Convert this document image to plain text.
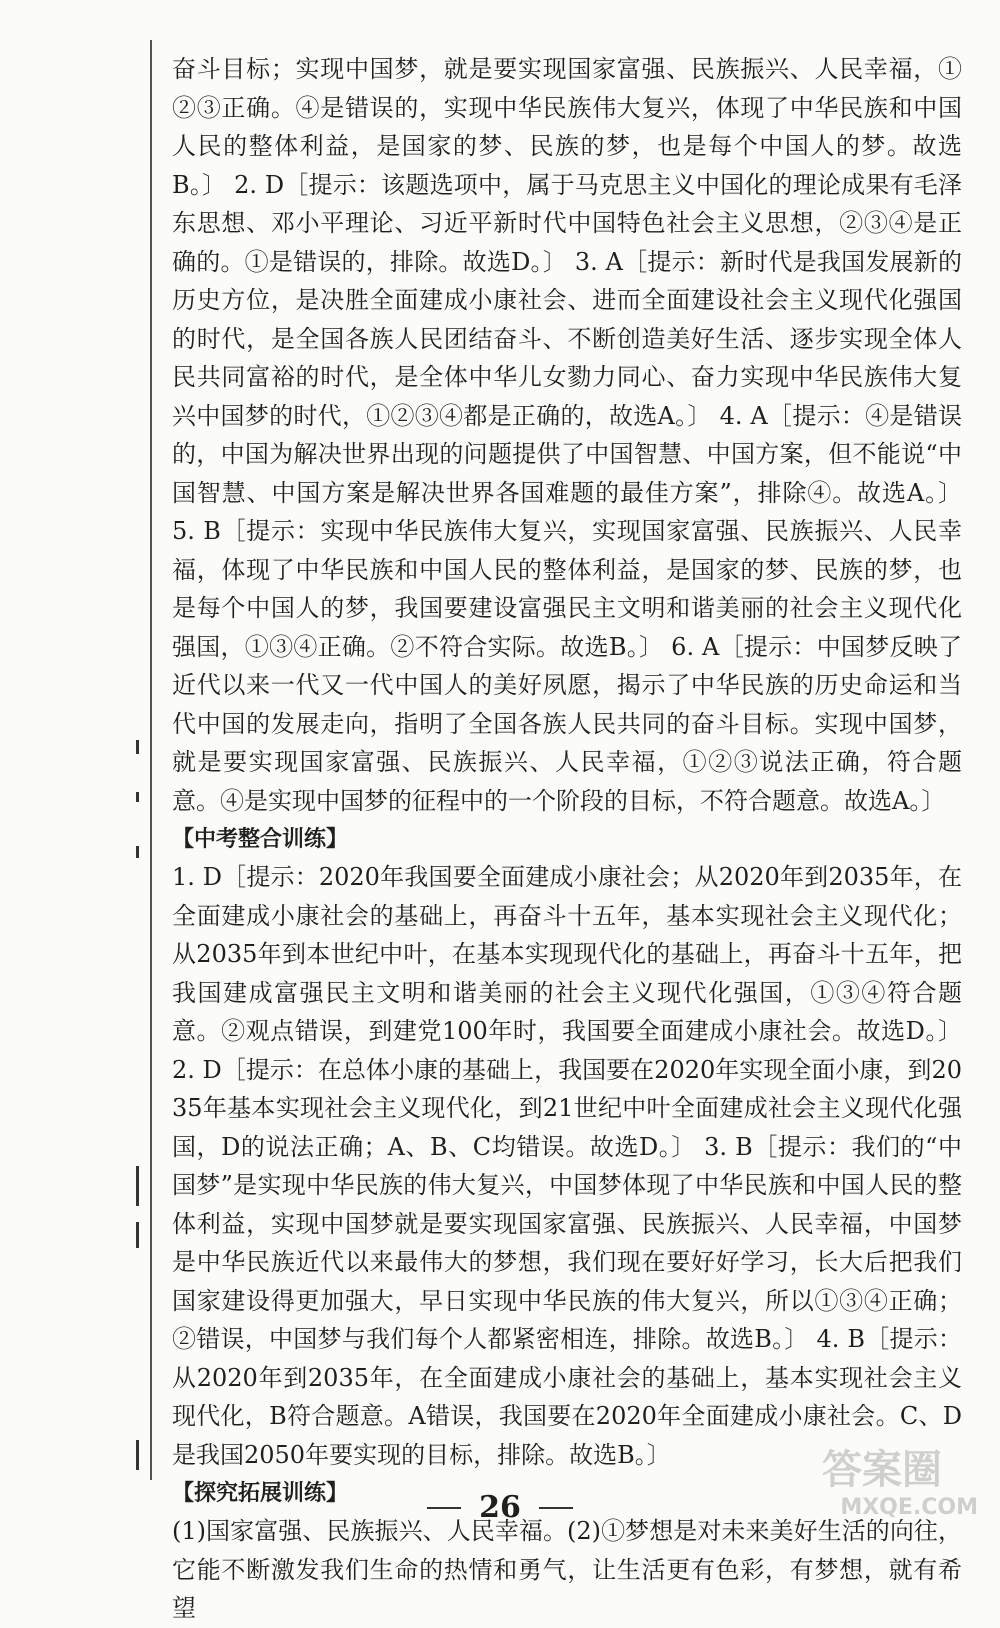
奋斗目标；实现中国梦，就是要实现国家富强、民族振兴、人民幸福，①②③正确。④是错误的，实现中华民族伟大复兴，体现了中华民族和中国人民的整体利益，是国家的梦、民族的梦，也是每个中国人的梦。故选B。〕 2. D［提示：该题选项中，属于马克思主义中国化的理论成果有毛泽东思想、邓小平理论、习近平新时代中国特色社会主义思想，②③④是正确的。①是错误的，排除。故选D。〕 3. A［提示：新时代是我国发展新的历史方位，是决胜全面建成小康社会、进而全面建设社会主义现代化强国的时代，是全国各族人民团结奋斗、不断创造美好生活、逐步实现全体人民共同富裕的时代，是全体中华儿女勠力同心、奋力实现中华民族伟大复兴中国梦的时代，①②③④都是正确的，故选A。〕 4. A［提示：④是错误的，中国为解决世界出现的问题提供了中国智慧、中国方案，但不能说“中国智慧、中国方案是解决世界各国难题的最佳方案”，排除④。故选A。〕 5. B［提示：实现中华民族伟大复兴，实现国家富强、民族振兴、人民幸福，体现了中华民族和中国人民的整体利益，是国家的梦、民族的梦，也是每个中国人的梦，我国要建设富强民主文明和谐美丽的社会主义现代化强国，①③④正确。②不符合实际。故选B。〕 6. A［提示：中国梦反映了近代以来一代又一代中国人的美好夙愿，揭示了中华民族的历史命运和当代中国的发展走向，指明了全国各族人民共同的奋斗目标。实现中国梦，就是要实现国家富强、民族振兴、人民幸福，①②③说法正确，符合题意。④是实现中国梦的征程中的一个阶段的目标，不符合题意。故选A。〕

【中考整合训练】

1. D［提示：2020年我国要全面建成小康社会；从2020年到2035年，在全面建成小康社会的基础上，再奋斗十五年，基本实现社会主义现代化；从2035年到本世纪中叶，在基本实现现代化的基础上，再奋斗十五年，把我国建成富强民主文明和谐美丽的社会主义现代化强国，①③④符合题意。②观点错误，到建党100年时，我国要全面建成小康社会。故选D。〕 2. D［提示：在总体小康的基础上，我国要在2020年实现全面小康，到2035年基本实现社会主义现代化，到21世纪中叶全面建成社会主义现代化强国，D的说法正确；A、B、C均错误。故选D。〕 3. B［提示：我们的“中国梦”是实现中华民族的伟大复兴，中国梦体现了中华民族和中国人民的整体利益，实现中国梦就是要实现国家富强、民族振兴、人民幸福，中国梦是中华民族近代以来最伟大的梦想，我们现在要好好学习，长大后把我们国家建设得更加强大，早日实现中华民族的伟大复兴，所以①③④正确；②错误，中国梦与我们每个人都紧密相连，排除。故选B。〕 4. B［提示：从2020年到2035年，在全面建成小康社会的基础上，基本实现社会主义现代化，B符合题意。A错误，我国要在2020年全面建成小康社会。C、D是我国2050年要实现的目标，排除。故选B。〕

【探究拓展训练】

(1)国家富强、民族振兴、人民幸福。(2)①梦想是对未来美好生活的向往，它能不断激发我们生命的热情和勇气，让生活更有色彩，有梦想，就有希望

26
答案圈
MXQE.COM
